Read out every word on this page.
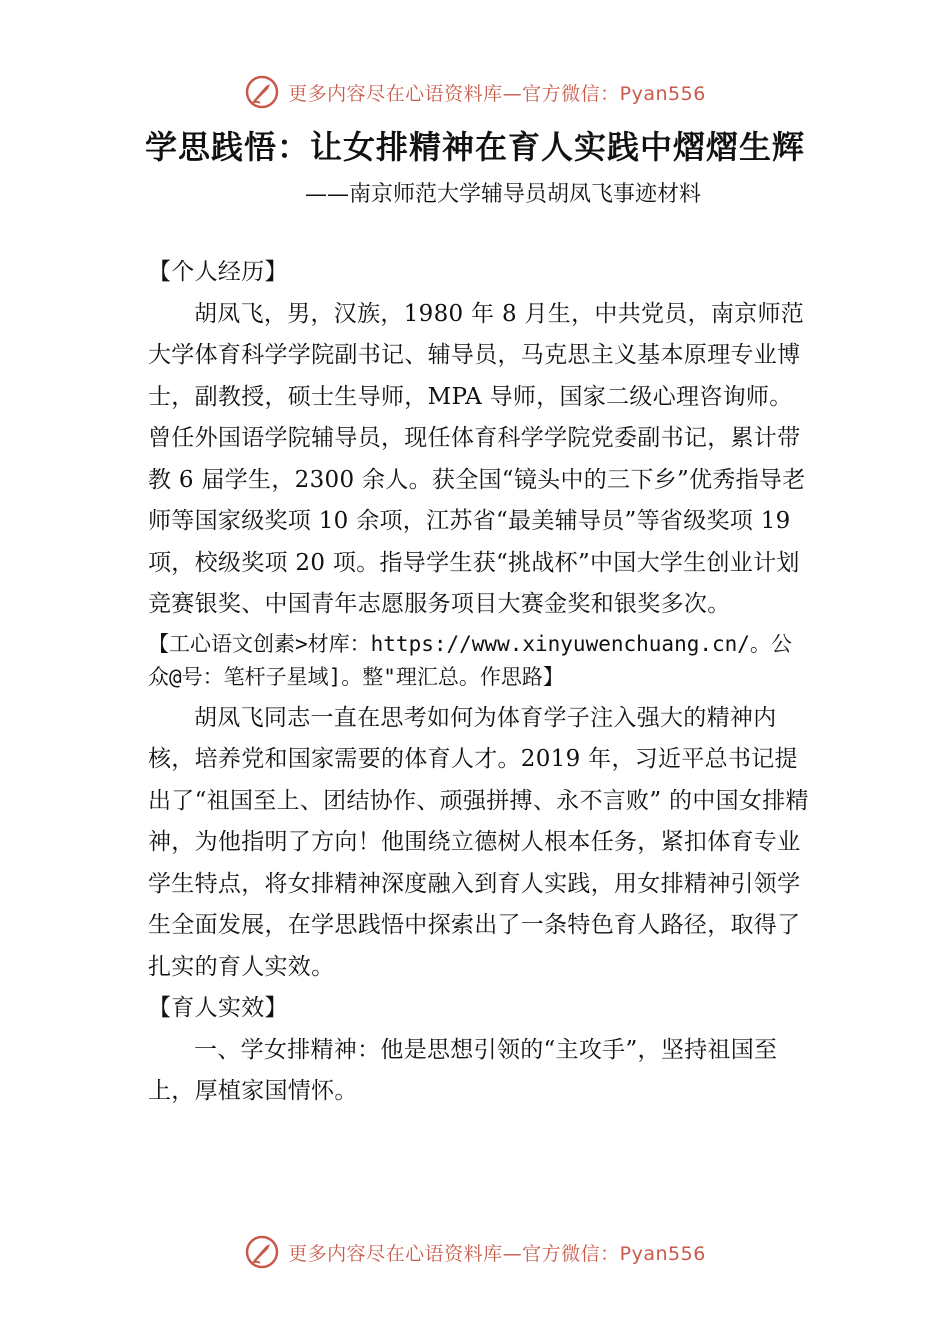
更多内容尽在心语资料库—官方微信：Pyan556
学思践悟：让女排精神在育人实践中熠熠生辉
——南京师范大学辅导员胡凤飞事迹材料

【个人经历】

胡凤飞，男，汉族，1980 年 8 月生，中共党员，南京师范大学体育科学学院副书记、辅导员，马克思主义基本原理专业博士，副教授，硕士生导师，MPA 导师，国家二级心理咨询师。曾任外国语学院辅导员，现任体育科学学院党委副书记，累计带教 6 届学生，2300 余人。获全国“镜头中的三下乡”优秀指导老师等国家级奖项 10 余项，江苏省“最美辅导员”等省级奖项 19 项，校级奖项 20 项。指导学生获“挑战杯”中国大学生创业计划竞赛银奖、中国青年志愿服务项目大赛金奖和银奖多次。

【工心语文创素>材库：https://www.xinyuwenchuang.cn/。公众@号：笔杆子星域]。整"理汇总。作思路】

胡凤飞同志一直在思考如何为体育学子注入强大的精神内核，培养党和国家需要的体育人才。2019 年，习近平总书记提出了“祖国至上、团结协作、顽强拼搏、永不言败” 的中国女排精神，为他指明了方向！他围绕立德树人根本任务，紧扣体育专业学生特点，将女排精神深度融入到育人实践，用女排精神引领学生全面发展，在学思践悟中探索出了一条特色育人路径，取得了扎实的育人实效。

【育人实效】

一、学女排精神：他是思想引领的“主攻手”，坚持祖国至上，厚植家国情怀。

更多内容尽在心语资料库—官方微信：Pyan556
